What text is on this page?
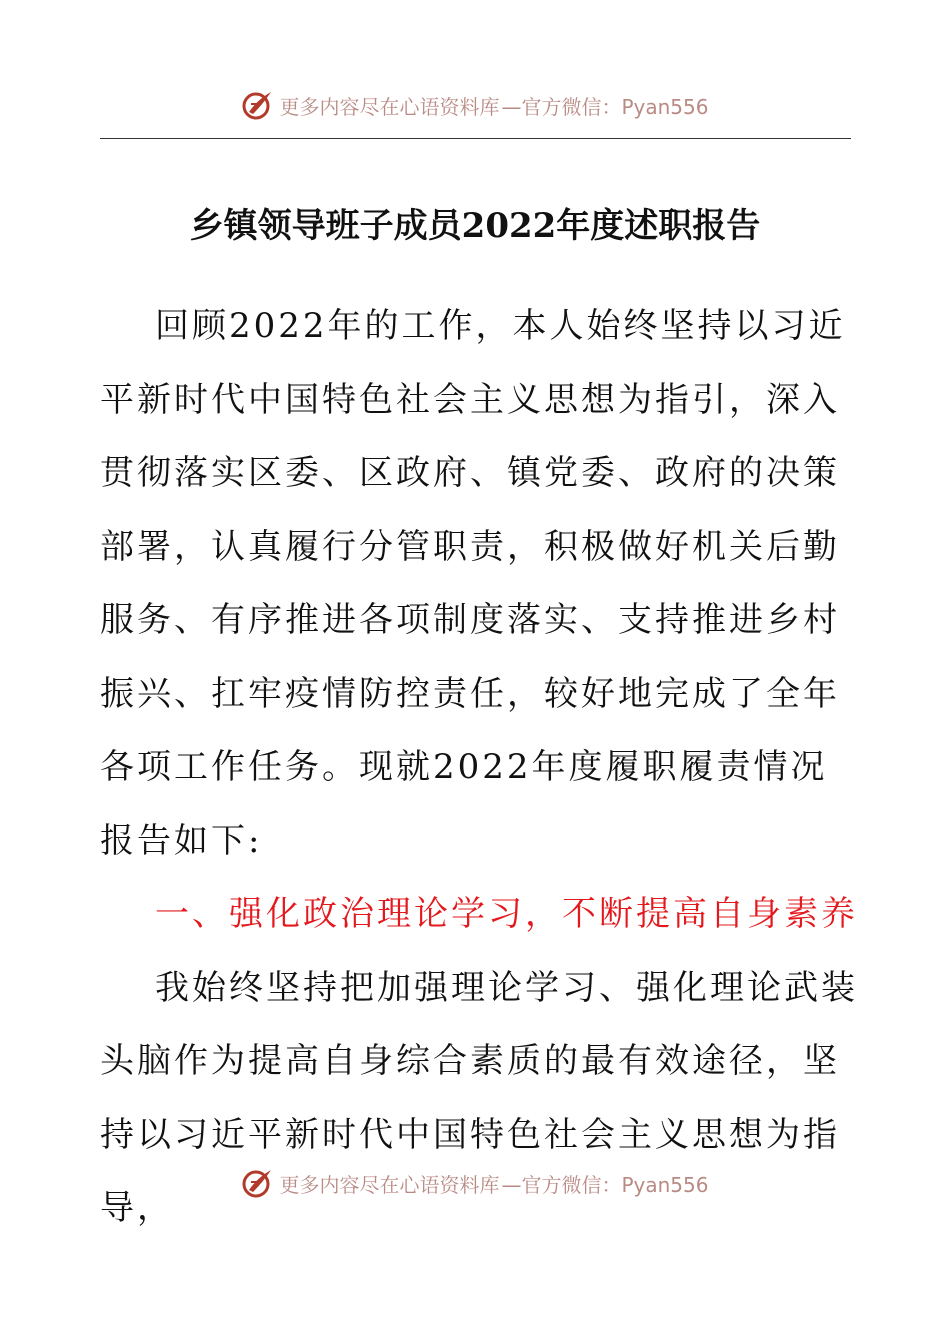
更多内容尽在心语资料库 —官方微信：Pyan556
乡镇领导班子成员2022年度述职报告

回顾2022年的工作，本人始终坚持以习近平新时代中国特色社会主义思想为指引，深入贯彻落实区委、区政府、镇党委、政府的决策部署，认真履行分管职责，积极做好机关后勤服务、有序推进各项制度落实、支持推进乡村振兴、扛牢疫情防控责任，较好地完成了全年各项工作任务。现就2022年度履职履责情况报告如下:

一、强化政治理论学习，不断提高自身素养

我始终坚持把加强理论学习、强化理论武装头脑作为提高自身综合素质的最有效途径，坚持以习近平新时代中国特色社会主义思想为指导，

更多内容尽在心语资料库 —官方微信：Pyan556
